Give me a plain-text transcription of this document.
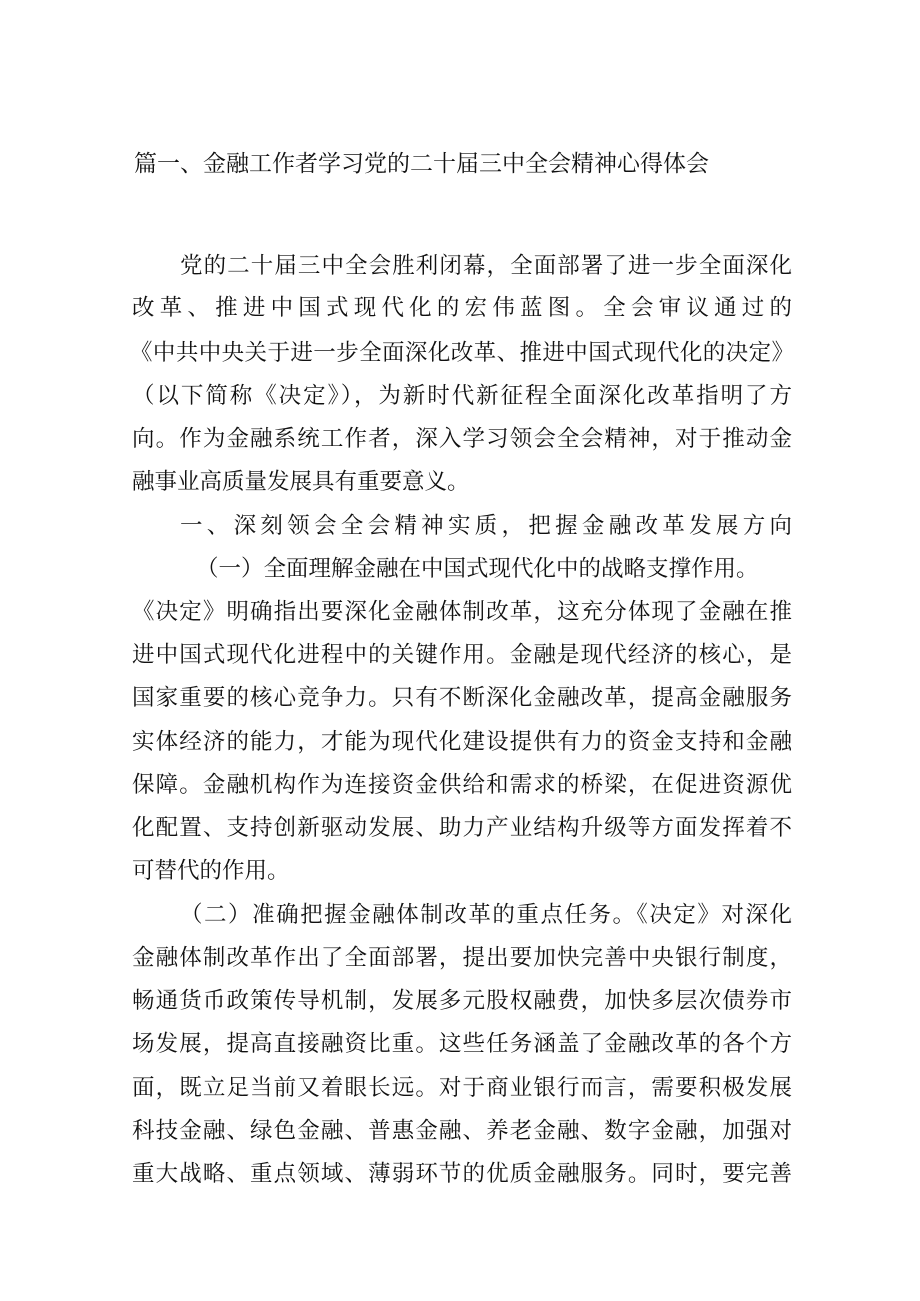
篇一、金融工作者学习党的二十届三中全会精神心得体会
党的二十届三中全会胜利闭幕，全面部署了进一步全面深化
改革、推进中国式现代化的宏伟蓝图。全会审议通过的
《中共中央关于进一步全面深化改革、推进中国式现代化的决定》
（以下简称《决定》），为新时代新征程全面深化改革指明了方
向。作为金融系统工作者，深入学习领会全会精神，对于推动金
融事业高质量发展具有重要意义。
一、深刻领会全会精神实质，把握金融改革发展方向
（一）全面理解金融在中国式现代化中的战略支撑作用。
《决定》明确指出要深化金融体制改革，这充分体现了金融在推
进中国式现代化进程中的关键作用。金融是现代经济的核心，是
国家重要的核心竞争力。只有不断深化金融改革，提高金融服务
实体经济的能力，才能为现代化建设提供有力的资金支持和金融
保障。金融机构作为连接资金供给和需求的桥梁，在促进资源优
化配置、支持创新驱动发展、助力产业结构升级等方面发挥着不
可替代的作用。
（二）准确把握金融体制改革的重点任务。《决定》对深化
金融体制改革作出了全面部署，提出要加快完善中央银行制度，
畅通货币政策传导机制，发展多元股权融费，加快多层次债券市
场发展，提高直接融资比重。这些任务涵盖了金融改革的各个方
面，既立足当前又着眼长远。对于商业银行而言，需要积极发展
科技金融、绿色金融、普惠金融、养老金融、数字金融，加强对
重大战略、重点领域、薄弱环节的优质金融服务。同时，要完善
